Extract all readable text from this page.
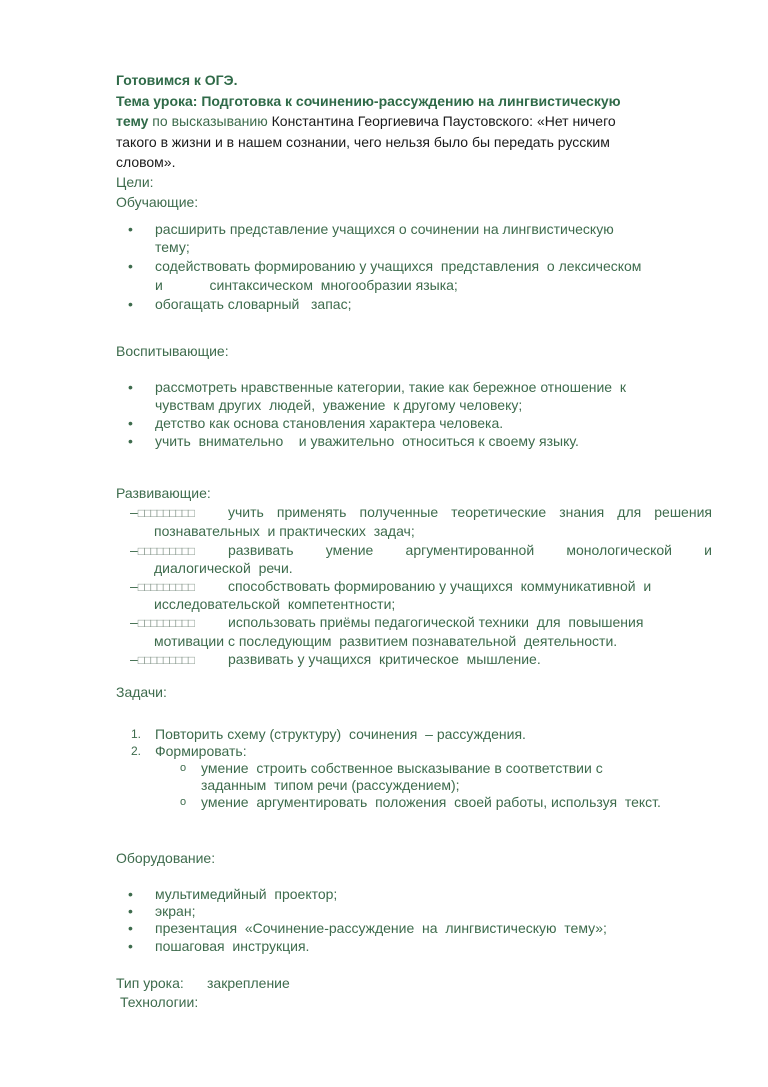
Готовимся к ОГЭ.
Тема урока: Подготовка к сочинению-рассуждению на лингвистическую
тему по высказыванию Константина Георгиевича Паустовского: «Нет ничего
такого в жизни и в нашем сознании, чего нельзя было бы передать русским
словом».
Цели:
Обучающие:
• расширить представление учащихся о сочинении на лингвистическую
тему;
• содействовать формированию у учащихся  представления  о лексическом
и            синтаксическом  многообразии языка;
• обогащать словарный   запас;
Воспитывающие:
• рассмотреть нравственные категории, такие как бережное отношение  к
чувствам других  людей,  уважение  к другому человеку;
• детство как основа становления характера человека.
• учить  внимательно    и уважительно  относиться к своему языку.
Развивающие:
–□□□□□□□□□ учить применять полученные теоретические знания для решения
познавательных  и практических  задач;
–□□□□□□□□□ развивать умение аргументированной монологической и
диалогической  речи.
–□□□□□□□□□ способствовать формированию у учащихся  коммуникативной  и
исследовательской  компетентности;
–□□□□□□□□□ использовать приёмы педагогической техники  для  повышения
мотивации с последующим  развитием познавательной  деятельности.
–□□□□□□□□□ развивать у учащихся  критическое  мышление.
Задачи:
1. Повторить схему (структуру)  сочинения  – рассуждения.
2. Формировать:
o умение  строить собственное высказывание в соответствии с
заданным  типом речи (рассуждением);
o умение  аргументировать  положения  своей работы, используя  текст.
Оборудование:
• мультимедийный  проектор;
• экран;
• презентация  «Сочинение-рассуждение  на  лингвистическую  тему»;
• пошаговая  инструкция.
Тип урока: закрепление
Технологии:
